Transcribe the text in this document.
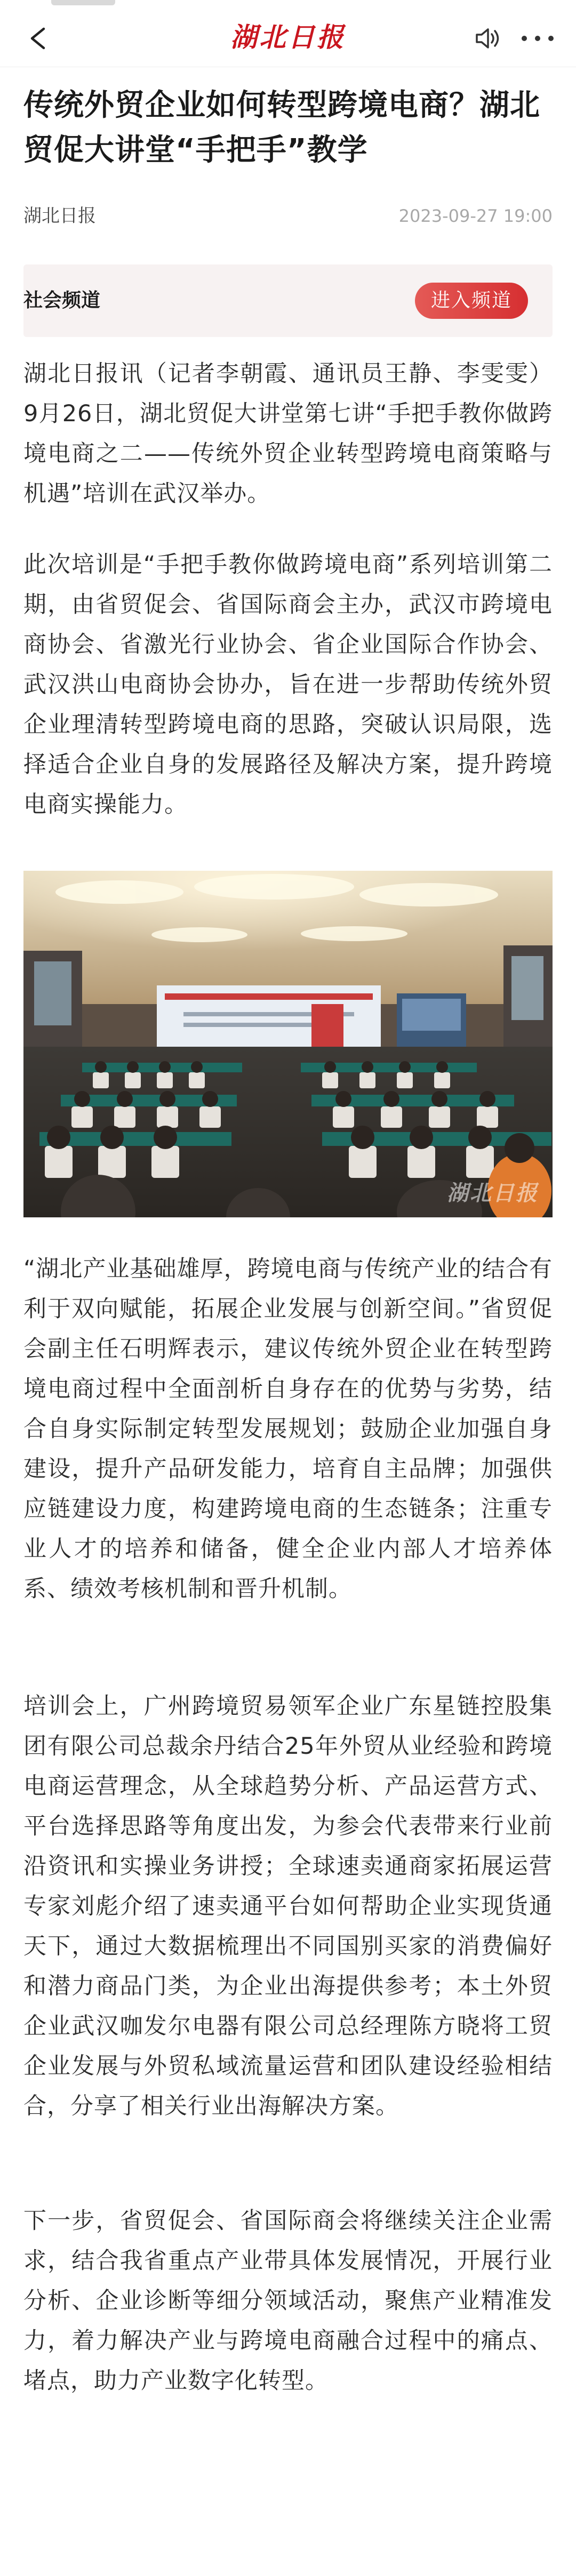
湖北日报
传统外贸企业如何转型跨境电商？湖北贸促大讲堂“手把手”教学
湖北日报	2023-09-27 19:00
社会频道	进入频道

湖北日报讯（记者李朝霞、通讯员王静、李雯雯）9月26日，湖北贸促大讲堂第七讲“手把手教你做跨境电商之二——传统外贸企业转型跨境电商策略与机遇”培训在武汉举办。

此次培训是“手把手教你做跨境电商”系列培训第二期，由省贸促会、省国际商会主办，武汉市跨境电商协会、省激光行业协会、省企业国际合作协会、武汉洪山电商协会协办，旨在进一步帮助传统外贸企业理清转型跨境电商的思路，突破认识局限，选择适合企业自身的发展路径及解决方案，提升跨境电商实操能力。

湖北日报

“湖北产业基础雄厚，跨境电商与传统产业的结合有利于双向赋能，拓展企业发展与创新空间。”省贸促会副主任石明辉表示，建议传统外贸企业在转型跨境电商过程中全面剖析自身存在的优势与劣势，结合自身实际制定转型发展规划；鼓励企业加强自身建设，提升产品研发能力，培育自主品牌；加强供应链建设力度，构建跨境电商的生态链条；注重专业人才的培养和储备，健全企业内部人才培养体系、绩效考核机制和晋升机制。

培训会上，广州跨境贸易领军企业广东星链控股集团有限公司总裁余丹结合25年外贸从业经验和跨境电商运营理念，从全球趋势分析、产品运营方式、平台选择思路等角度出发，为参会代表带来行业前沿资讯和实操业务讲授；全球速卖通商家拓展运营专家刘彪介绍了速卖通平台如何帮助企业实现货通天下，通过大数据梳理出不同国别买家的消费偏好和潜力商品门类，为企业出海提供参考；本土外贸企业武汉咖发尔电器有限公司总经理陈方晓将工贸企业发展与外贸私域流量运营和团队建设经验相结合，分享了相关行业出海解决方案。

下一步，省贸促会、省国际商会将继续关注企业需求，结合我省重点产业带具体发展情况，开展行业分析、企业诊断等细分领域活动，聚焦产业精准发力，着力解决产业与跨境电商融合过程中的痛点、堵点，助力产业数字化转型。
